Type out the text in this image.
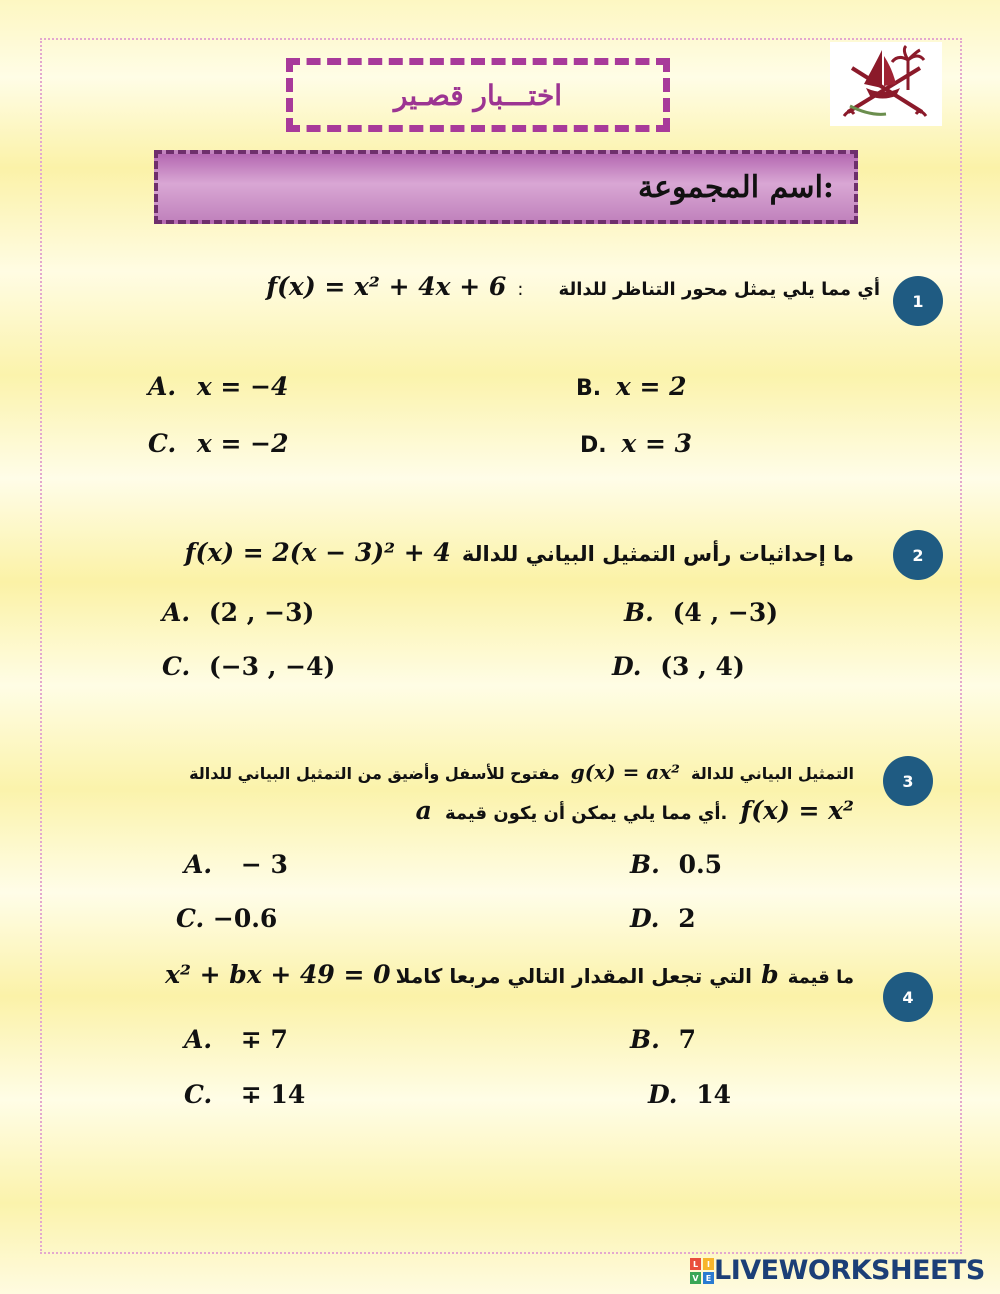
اختـــبار قصـير
اسم المجموعة:
1
أي مما يلي يمثل محور التناظر للدالة : f(x) = x² + 4x + 6
A. x = −4	B. x = 2
C. x = −2	D. x = 3
2
ما إحداثيات رأس التمثيل البياني للدالة f(x) = 2(x − 3)² + 4
A. (2 , −3)	B. (4 , −3)
C. (−3 , −4)	D. (3 , 4)
3
التمثيل البياني للدالة g(x) = ax² مفتوح للأسفل وأضيق من التمثيل البياني للدالة
f(x) = x² .أي مما يلي يمكن أن يكون قيمة a
A. − 3	B. 0.5
C. −0.6	D. 2
4
ما قيمة b التي تجعل المقدار التالي مربعا كاملا x² + bx + 49 = 0
A. ∓ 7	B. 7
C. ∓ 14	D. 14
L I
V E LIVEWORKSHEETS
